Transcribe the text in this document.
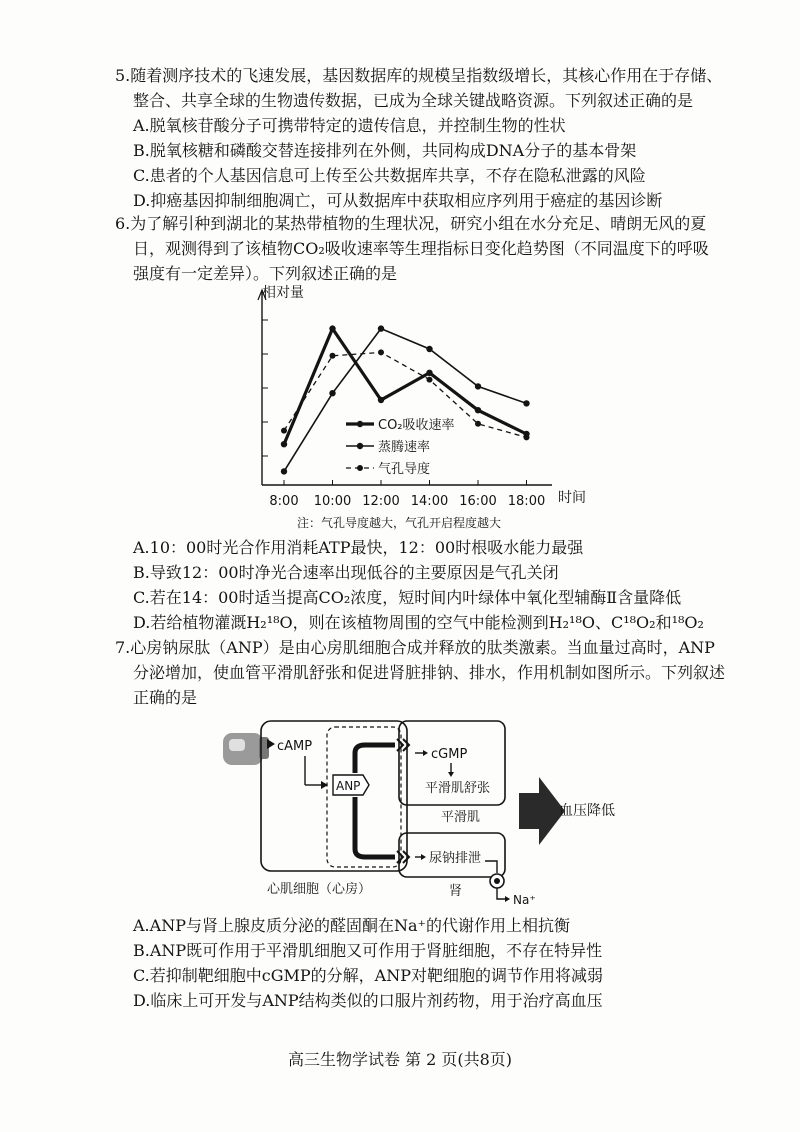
5.随着测序技术的飞速发展，基因数据库的规模呈指数级增长，其核心作用在于存储、
整合、共享全球的生物遗传数据，已成为全球关键战略资源。下列叙述正确的是
A.脱氧核苷酸分子可携带特定的遗传信息，并控制生物的性状
B.脱氧核糖和磷酸交替连接排列在外侧，共同构成DNA分子的基本骨架
C.患者的个人基因信息可上传至公共数据库共享，不存在隐私泄露的风险
D.抑癌基因抑制细胞凋亡，可从数据库中获取相应序列用于癌症的基因诊断
6.为了解引种到湖北的某热带植物的生理状况，研究小组在水分充足、晴朗无风的夏
日，观测得到了该植物CO₂吸收速率等生理指标日变化趋势图（不同温度下的呼吸
强度有一定差异）。下列叙述正确的是
相对量
8:00 10:00 12:00 14:00 16:00 18:00 时间
CO₂吸收速率
蒸腾速率
气孔导度
注：气孔导度越大，气孔开启程度越大
A.10：00时光合作用消耗ATP最快，12：00时根吸水能力最强
B.导致12：00时净光合速率出现低谷的主要原因是气孔关闭
C.若在14：00时适当提高CO₂浓度，短时间内叶绿体中氧化型辅酶Ⅱ含量降低
D.若给植物灌溉H₂¹⁸O，则在该植物周围的空气中能检测到H₂¹⁸O、C¹⁸O₂和¹⁸O₂
7.心房钠尿肽（ANP）是由心房肌细胞合成并释放的肽类激素。当血量过高时，ANP
分泌增加，使血管平滑肌舒张和促进肾脏排钠、排水，作用机制如图所示。下列叙述
正确的是
cAMP
ANP
cGMP
平滑肌舒张
平滑肌
尿钠排泄
肾
Na⁺
心肌细胞（心房）
血压降低
A.ANP与肾上腺皮质分泌的醛固酮在Na⁺的代谢作用上相抗衡
B.ANP既可作用于平滑肌细胞又可作用于肾脏细胞，不存在特异性
C.若抑制靶细胞中cGMP的分解，ANP对靶细胞的调节作用将减弱
D.临床上可开发与ANP结构类似的口服片剂药物，用于治疗高血压
高三生物学试卷 第 2 页(共8页)
